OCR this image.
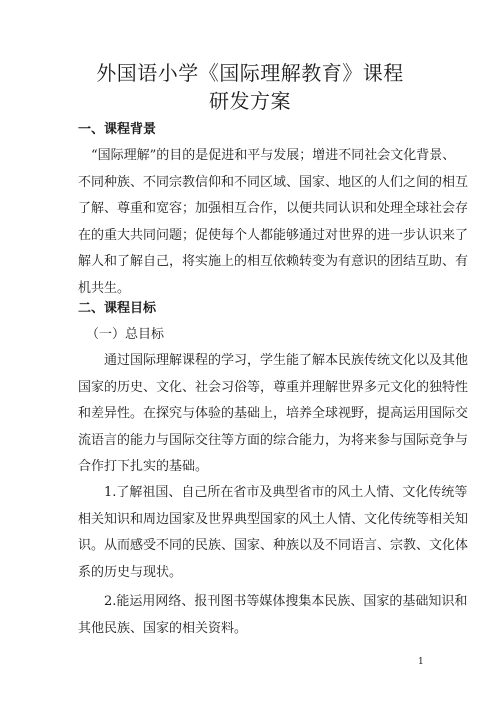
外国语小学《国际理解教育》课程
研发方案
一、课程背景
　“国际理解”的目的是促进和平与发展；增进不同社会文化背景、
不同种族、不同宗教信仰和不同区域、国家、地区的人们之间的相互
了解、尊重和宽容；加强相互合作，以便共同认识和处理全球社会存
在的重大共同问题；促使每个人都能够通过对世界的进一步认识来了
解人和了解自己，将实施上的相互依赖转变为有意识的团结互助、有
机共生。
二、课程目标
（一）总目标
　　通过国际理解课程的学习，学生能了解本民族传统文化以及其他
国家的历史、文化、社会习俗等，尊重并理解世界多元文化的独特性
和差异性。在探究与体验的基础上，培养全球视野，提高运用国际交
流语言的能力与国际交往等方面的综合能力，为将来参与国际竞争与
合作打下扎实的基础。
　　1.了解祖国、自己所在省市及典型省市的风土人情、文化传统等
相关知识和周边国家及世界典型国家的风土人情、文化传统等相关知
识。从而感受不同的民族、国家、种族以及不同语言、宗教、文化体
系的历史与现状。
　　2.能运用网络、报刊图书等媒体搜集本民族、国家的基础知识和
其他民族、国家的相关资料。
1
